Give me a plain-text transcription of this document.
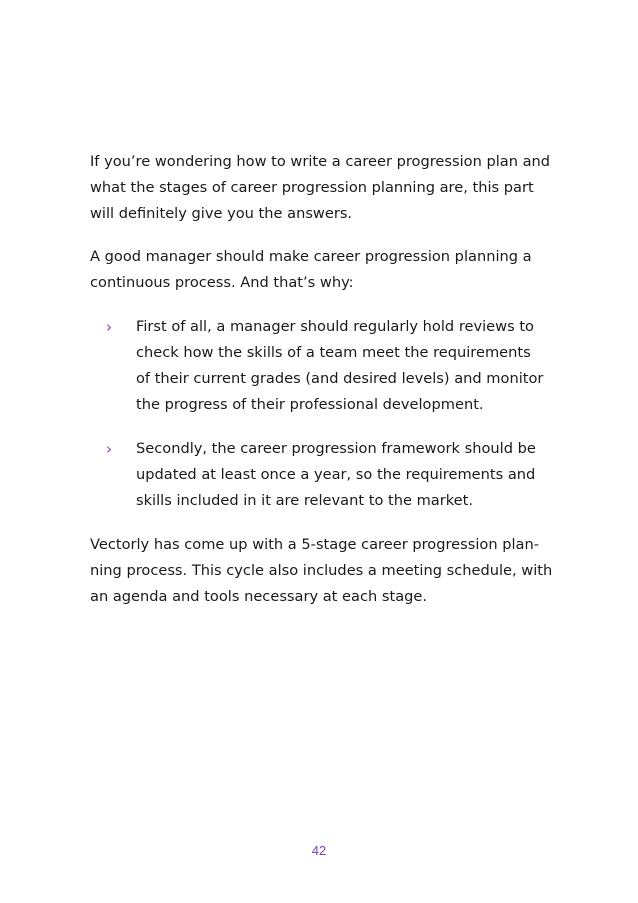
If you’re wondering how to write a career progression plan and
what the stages of career progression planning are, this part
will definitely give you the answers.

A good manager should make career progression planning a
continuous process. And that’s why:

› First of all, a manager should regularly hold reviews to
check how the skills of a team meet the requirements
of their current grades (and desired levels) and monitor
the progress of their professional development.
› Secondly, the career progression framework should be
updated at least once a year, so the requirements and
skills included in it are relevant to the market.

Vectorly has come up with a 5-stage career progression plan-
ning process. This cycle also includes a meeting schedule, with
an agenda and tools necessary at each stage.

42
